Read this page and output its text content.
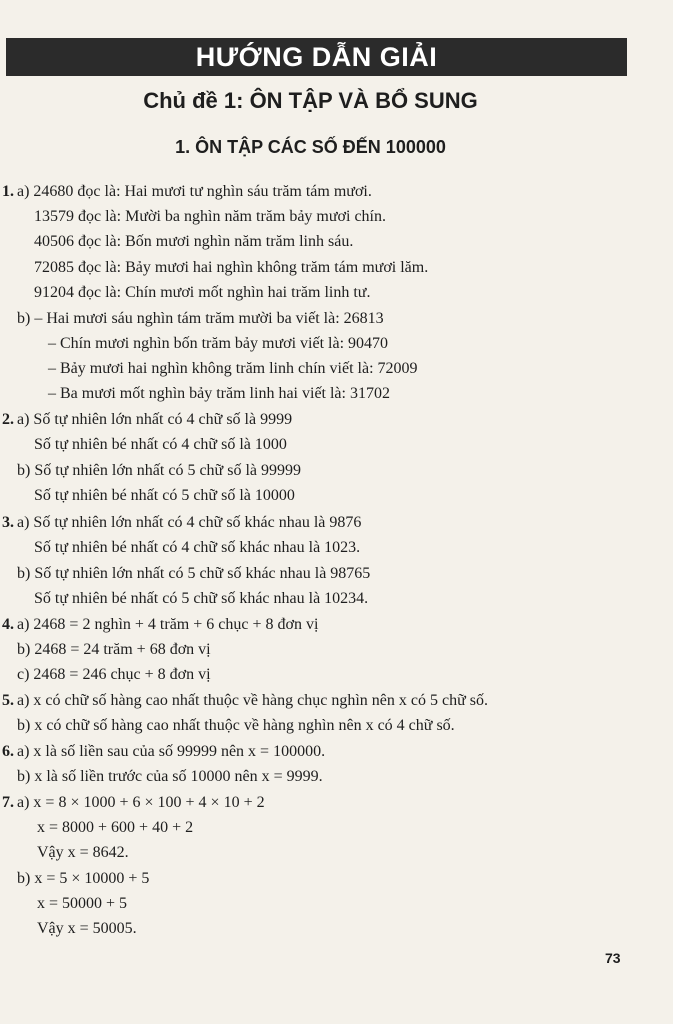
HƯỚNG DẪN GIẢI
Chủ đề 1: ÔN TẬP VÀ BỔ SUNG
1. ÔN TẬP CÁC SỐ ĐẾN 100000
1. a) 24680 đọc là: Hai mươi tư nghìn sáu trăm tám mươi.
13579 đọc là: Mười ba nghìn năm trăm bảy mươi chín.
40506 đọc là: Bốn mươi nghìn năm trăm linh sáu.
72085 đọc là: Bảy mươi hai nghìn không trăm tám mươi lăm.
91204 đọc là: Chín mươi mốt nghìn hai trăm linh tư.
b) – Hai mươi sáu nghìn tám trăm mười ba viết là: 26813
– Chín mươi nghìn bốn trăm bảy mươi viết là: 90470
– Bảy mươi hai nghìn không trăm linh chín viết là: 72009
– Ba mươi mốt nghìn bảy trăm linh hai viết là: 31702
2. a) Số tự nhiên lớn nhất có 4 chữ số là 9999
Số tự nhiên bé nhất có 4 chữ số là 1000
b) Số tự nhiên lớn nhất có 5 chữ số là 99999
Số tự nhiên bé nhất có 5 chữ số là 10000
3. a) Số tự nhiên lớn nhất có 4 chữ số khác nhau là 9876
Số tự nhiên bé nhất có 4 chữ số khác nhau là 1023.
b) Số tự nhiên lớn nhất có 5 chữ số khác nhau là 98765
Số tự nhiên bé nhất có 5 chữ số khác nhau là 10234.
4. a) 2468 = 2 nghìn + 4 trăm + 6 chục + 8 đơn vị
b) 2468 = 24 trăm + 68 đơn vị
c) 2468 = 246 chục + 8 đơn vị
5. a) x có chữ số hàng cao nhất thuộc về hàng chục nghìn nên x có 5 chữ số.
b) x có chữ số hàng cao nhất thuộc về hàng nghìn nên x có 4 chữ số.
6. a) x là số liền sau của số 99999 nên x = 100000.
b) x là số liền trước của số 10000 nên x = 9999.
7. a) x = 8 × 1000 + 6 × 100 + 4 × 10 + 2
x = 8000 + 600 + 40 + 2
Vậy x = 8642.
b) x = 5 × 10000 + 5
x = 50000 + 5
Vậy x = 50005.
73
